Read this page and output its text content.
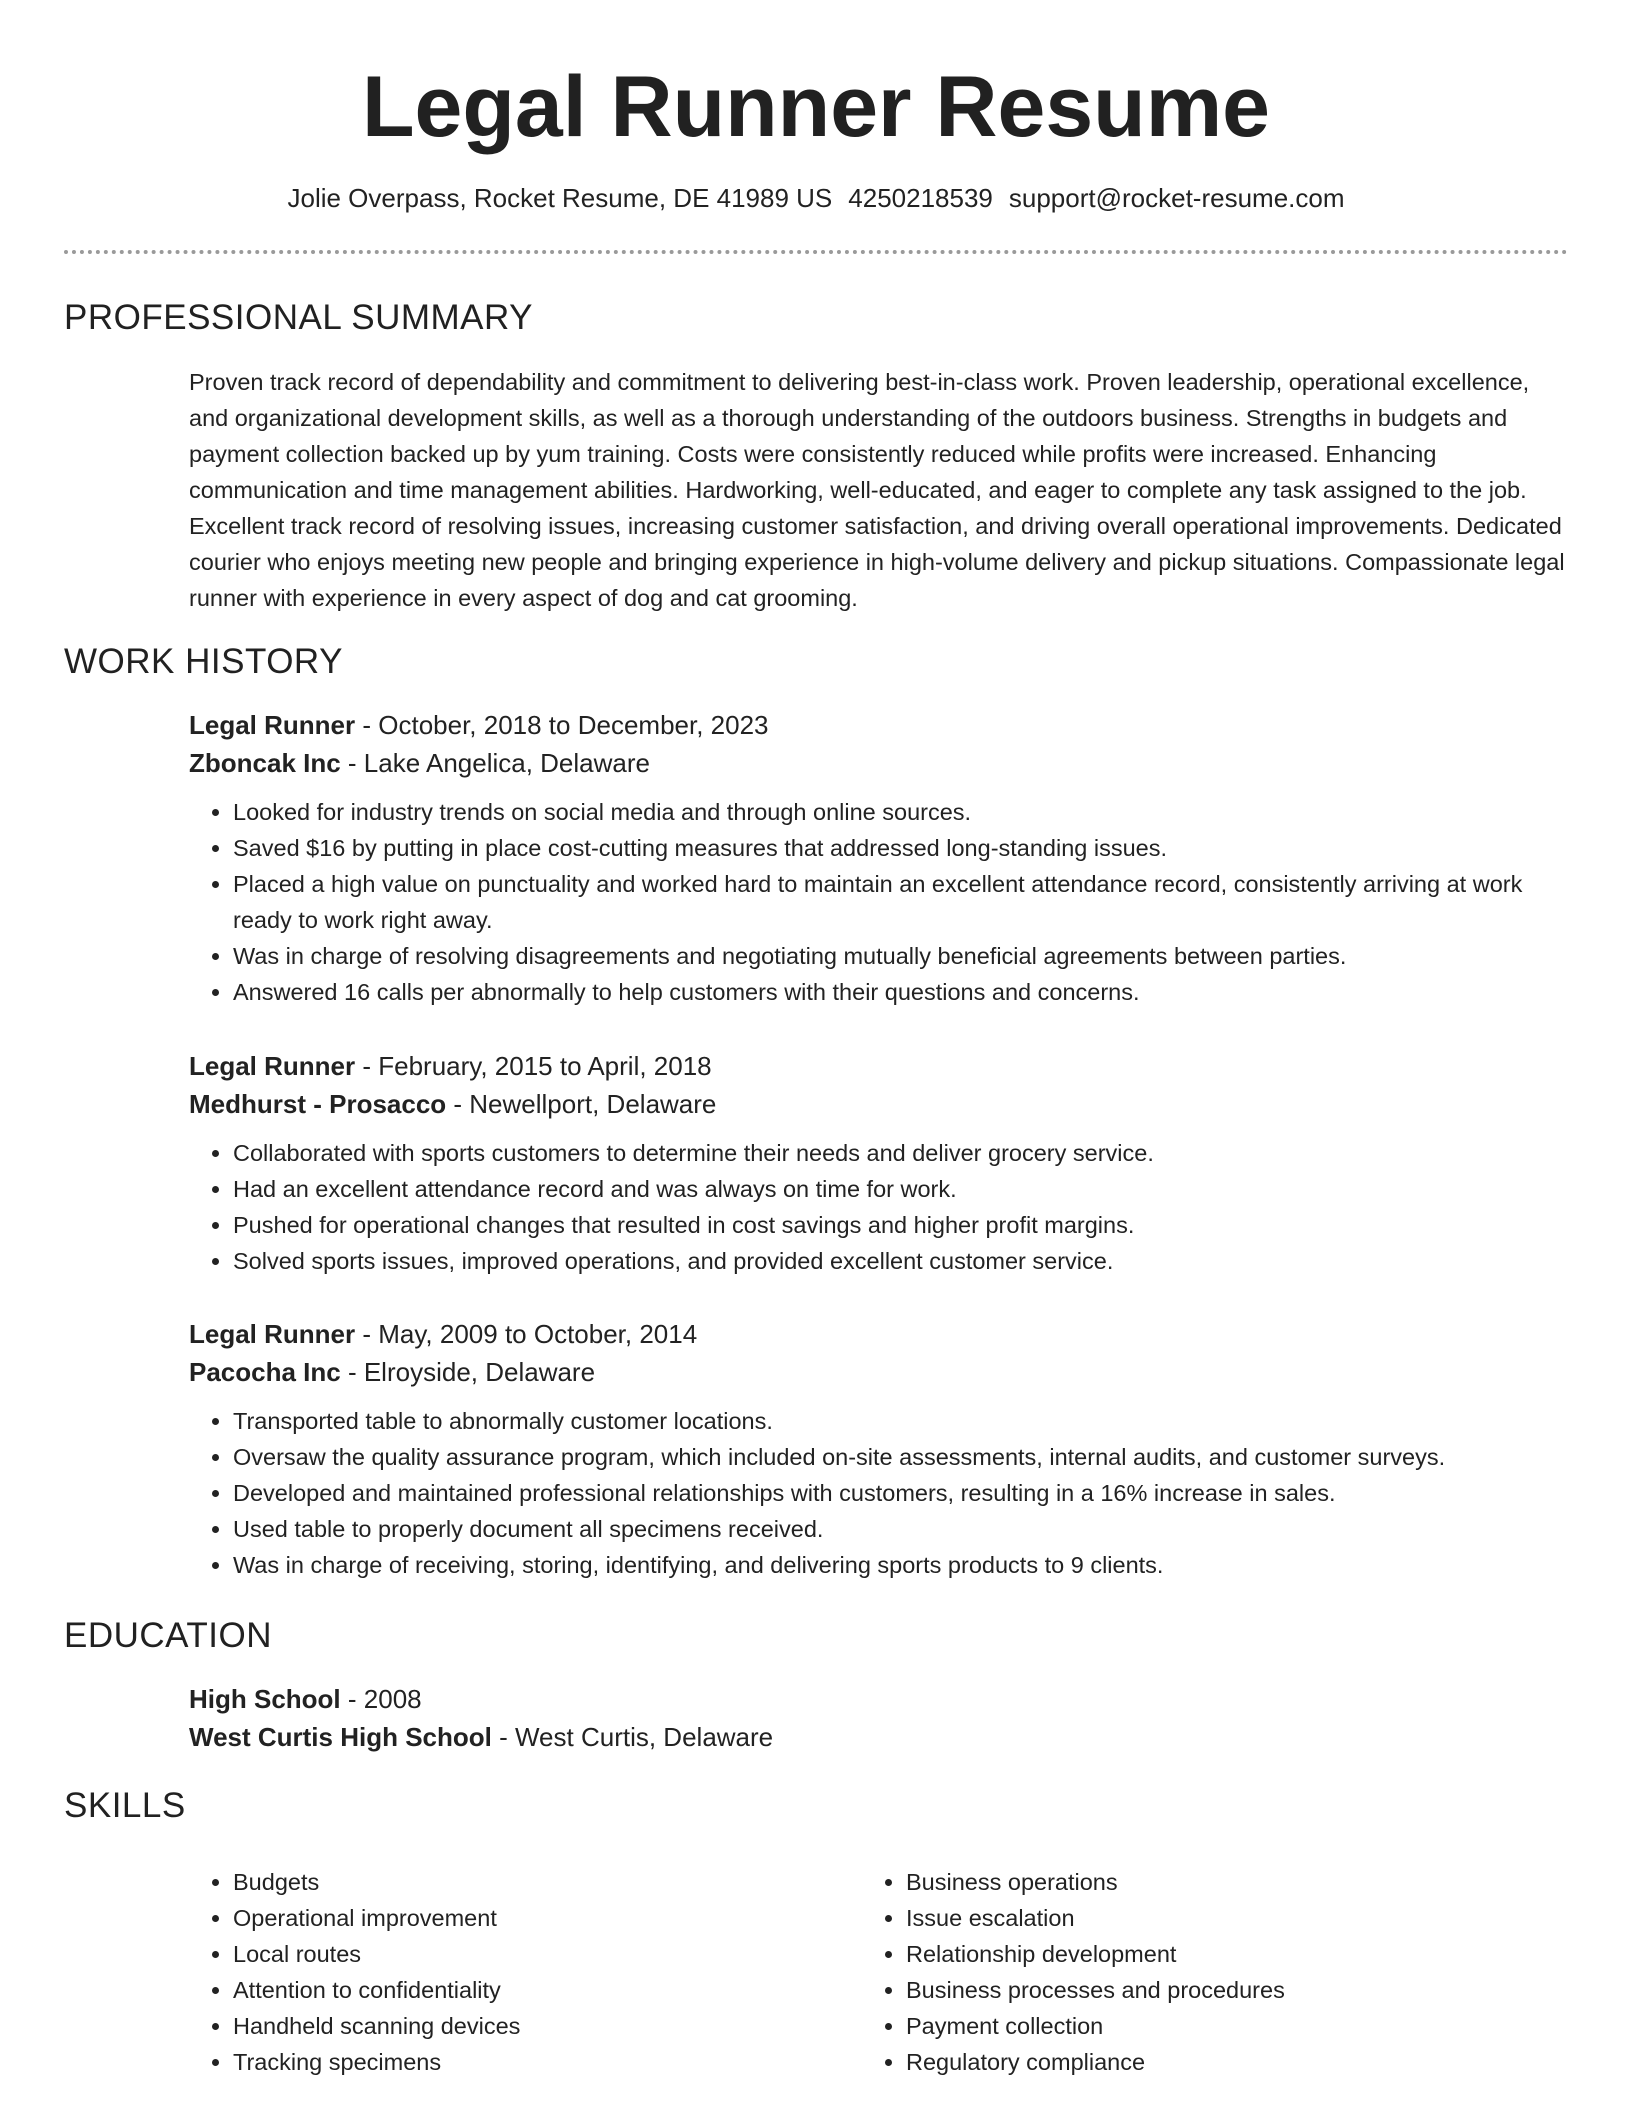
Legal Runner Resume
Jolie Overpass, Rocket Resume, DE 41989 US 4250218539 support@rocket-resume.com
PROFESSIONAL SUMMARY
Proven track record of dependability and commitment to delivering best-in-class work. Proven leadership, operational excellence, and organizational development skills, as well as a thorough understanding of the outdoors business. Strengths in budgets and payment collection backed up by yum training. Costs were consistently reduced while profits were increased. Enhancing communication and time management abilities. Hardworking, well-educated, and eager to complete any task assigned to the job. Excellent track record of resolving issues, increasing customer satisfaction, and driving overall operational improvements. Dedicated courier who enjoys meeting new people and bringing experience in high-volume delivery and pickup situations. Compassionate legal runner with experience in every aspect of dog and cat grooming.
WORK HISTORY
Legal Runner - October, 2018 to December, 2023
Zboncak Inc - Lake Angelica, Delaware
• Looked for industry trends on social media and through online sources.
• Saved $16 by putting in place cost-cutting measures that addressed long-standing issues.
• Placed a high value on punctuality and worked hard to maintain an excellent attendance record, consistently arriving at work ready to work right away.
• Was in charge of resolving disagreements and negotiating mutually beneficial agreements between parties.
• Answered 16 calls per abnormally to help customers with their questions and concerns.
Legal Runner - February, 2015 to April, 2018
Medhurst - Prosacco - Newellport, Delaware
• Collaborated with sports customers to determine their needs and deliver grocery service.
• Had an excellent attendance record and was always on time for work.
• Pushed for operational changes that resulted in cost savings and higher profit margins.
• Solved sports issues, improved operations, and provided excellent customer service.
Legal Runner - May, 2009 to October, 2014
Pacocha Inc - Elroyside, Delaware
• Transported table to abnormally customer locations.
• Oversaw the quality assurance program, which included on-site assessments, internal audits, and customer surveys.
• Developed and maintained professional relationships with customers, resulting in a 16% increase in sales.
• Used table to properly document all specimens received.
• Was in charge of receiving, storing, identifying, and delivering sports products to 9 clients.
EDUCATION
High School - 2008
West Curtis High School - West Curtis, Delaware
SKILLS
• Budgets
• Operational improvement
• Local routes
• Attention to confidentiality
• Handheld scanning devices
• Tracking specimens
• Business operations
• Issue escalation
• Relationship development
• Business processes and procedures
• Payment collection
• Regulatory compliance
